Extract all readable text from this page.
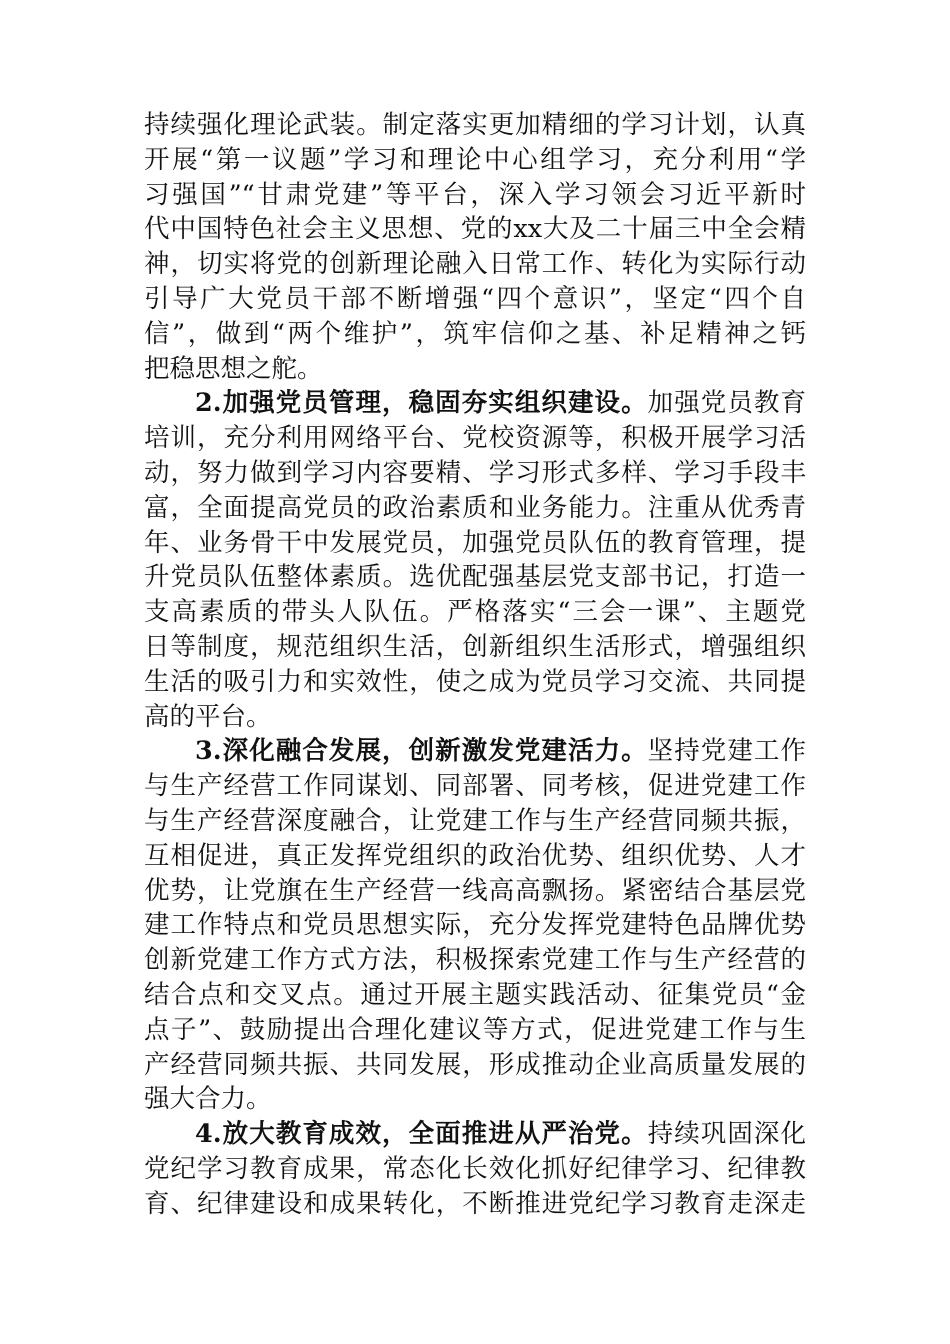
持续强化理论武装。制定落实更加精细的学习计划，认真
开展“第一议题”学习和理论中心组学习，充分利用“学
习强国”“甘肃党建”等平台，深入学习领会习近平新时
代中国特色社会主义思想、党的xx大及二十届三中全会精
神，切实将党的创新理论融入日常工作、转化为实际行动
引导广大党员干部不断增强“四个意识”，坚定“四个自
信”，做到“两个维护”，筑牢信仰之基、补足精神之钙
把稳思想之舵。
2.加强党员管理，稳固夯实组织建设。加强党员教育
培训，充分利用网络平台、党校资源等，积极开展学习活
动，努力做到学习内容要精、学习形式多样、学习手段丰
富，全面提高党员的政治素质和业务能力。注重从优秀青
年、业务骨干中发展党员，加强党员队伍的教育管理，提
升党员队伍整体素质。选优配强基层党支部书记，打造一
支高素质的带头人队伍。严格落实“三会一课”、主题党
日等制度，规范组织生活，创新组织生活形式，增强组织
生活的吸引力和实效性，使之成为党员学习交流、共同提
高的平台。
3.深化融合发展，创新激发党建活力。坚持党建工作
与生产经营工作同谋划、同部署、同考核，促进党建工作
与生产经营深度融合，让党建工作与生产经营同频共振，
互相促进，真正发挥党组织的政治优势、组织优势、人才
优势，让党旗在生产经营一线高高飘扬。紧密结合基层党
建工作特点和党员思想实际，充分发挥党建特色品牌优势
创新党建工作方式方法，积极探索党建工作与生产经营的
结合点和交叉点。通过开展主题实践活动、征集党员“金
点子”、鼓励提出合理化建议等方式，促进党建工作与生
产经营同频共振、共同发展，形成推动企业高质量发展的
强大合力。
4.放大教育成效，全面推进从严治党。持续巩固深化
党纪学习教育成果，常态化长效化抓好纪律学习、纪律教
育、纪律建设和成果转化，不断推进党纪学习教育走深走
